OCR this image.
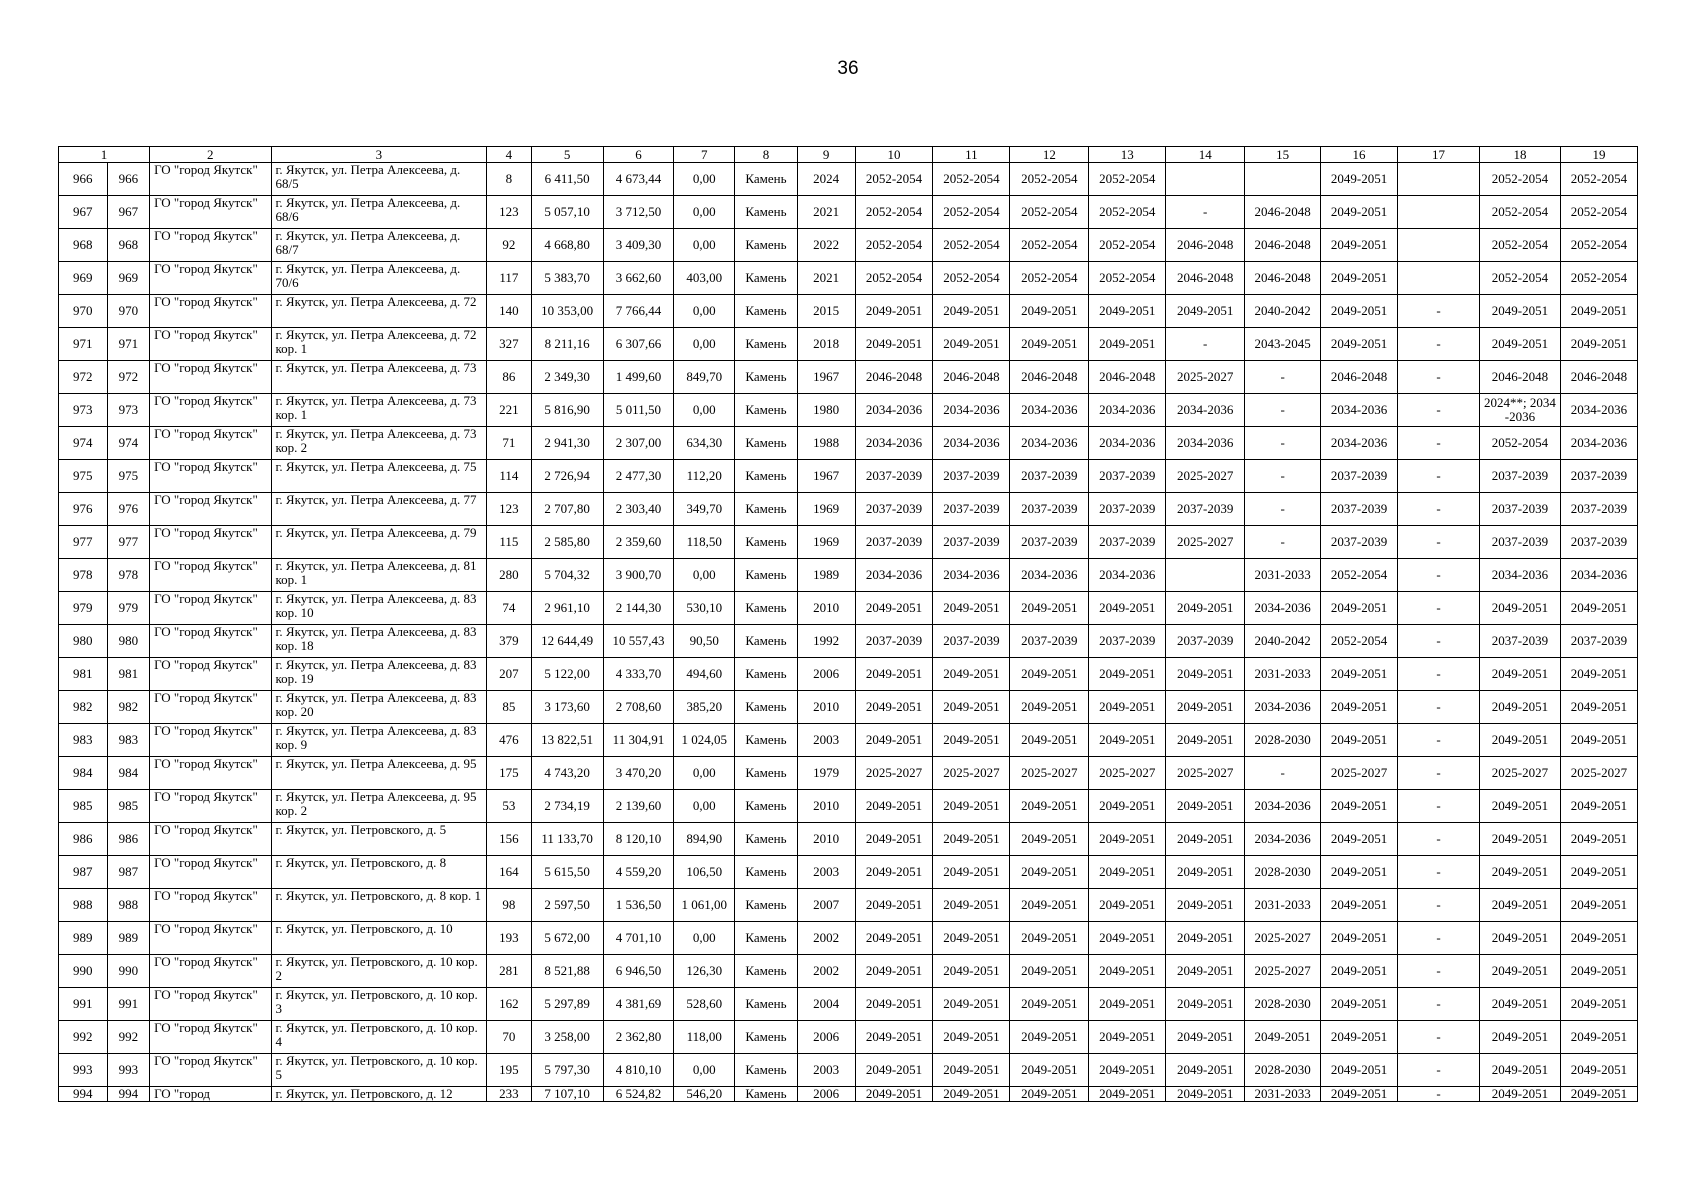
36
1		2	3	4	5	6	7	8	9	10	11	12	13	14	15	16	17	18	19
966	966	ГО "город Якутск"	г. Якутск, ул. Петра Алексеева, д. 68/5	8	6 411,50	4 673,44	0,00	Камень	2024	2052-2054	2052-2054	2052-2054	2052-2054			2049-2051		2052-2054	2052-2054
967	967	ГО "город Якутск"	г. Якутск, ул. Петра Алексеева, д. 68/6	123	5 057,10	3 712,50	0,00	Камень	2021	2052-2054	2052-2054	2052-2054	2052-2054	-	2046-2048	2049-2051		2052-2054	2052-2054
968	968	ГО "город Якутск"	г. Якутск, ул. Петра Алексеева, д. 68/7	92	4 668,80	3 409,30	0,00	Камень	2022	2052-2054	2052-2054	2052-2054	2052-2054	2046-2048	2046-2048	2049-2051		2052-2054	2052-2054
969	969	ГО "город Якутск"	г. Якутск, ул. Петра Алексеева, д. 70/6	117	5 383,70	3 662,60	403,00	Камень	2021	2052-2054	2052-2054	2052-2054	2052-2054	2046-2048	2046-2048	2049-2051		2052-2054	2052-2054
970	970	ГО "город Якутск"	г. Якутск, ул. Петра Алексеева, д. 72	140	10 353,00	7 766,44	0,00	Камень	2015	2049-2051	2049-2051	2049-2051	2049-2051	2049-2051	2040-2042	2049-2051	-	2049-2051	2049-2051
971	971	ГО "город Якутск"	г. Якутск, ул. Петра Алексеева, д. 72 кор. 1	327	8 211,16	6 307,66	0,00	Камень	2018	2049-2051	2049-2051	2049-2051	2049-2051	-	2043-2045	2049-2051	-	2049-2051	2049-2051
972	972	ГО "город Якутск"	г. Якутск, ул. Петра Алексеева, д. 73	86	2 349,30	1 499,60	849,70	Камень	1967	2046-2048	2046-2048	2046-2048	2046-2048	2025-2027	-	2046-2048	-	2046-2048	2046-2048
973	973	ГО "город Якутск"	г. Якутск, ул. Петра Алексеева, д. 73 кор. 1	221	5 816,90	5 011,50	0,00	Камень	1980	2034-2036	2034-2036	2034-2036	2034-2036	2034-2036	-	2034-2036	-	2024**; 2034-2036	2034-2036
974	974	ГО "город Якутск"	г. Якутск, ул. Петра Алексеева, д. 73 кор. 2	71	2 941,30	2 307,00	634,30	Камень	1988	2034-2036	2034-2036	2034-2036	2034-2036	2034-2036	-	2034-2036	-	2052-2054	2034-2036
975	975	ГО "город Якутск"	г. Якутск, ул. Петра Алексеева, д. 75	114	2 726,94	2 477,30	112,20	Камень	1967	2037-2039	2037-2039	2037-2039	2037-2039	2025-2027	-	2037-2039	-	2037-2039	2037-2039
976	976	ГО "город Якутск"	г. Якутск, ул. Петра Алексеева, д. 77	123	2 707,80	2 303,40	349,70	Камень	1969	2037-2039	2037-2039	2037-2039	2037-2039	2037-2039	-	2037-2039	-	2037-2039	2037-2039
977	977	ГО "город Якутск"	г. Якутск, ул. Петра Алексеева, д. 79	115	2 585,80	2 359,60	118,50	Камень	1969	2037-2039	2037-2039	2037-2039	2037-2039	2025-2027	-	2037-2039	-	2037-2039	2037-2039
978	978	ГО "город Якутск"	г. Якутск, ул. Петра Алексеева, д. 81 кор. 1	280	5 704,32	3 900,70	0,00	Камень	1989	2034-2036	2034-2036	2034-2036	2034-2036		2031-2033	2052-2054	-	2034-2036	2034-2036
979	979	ГО "город Якутск"	г. Якутск, ул. Петра Алексеева, д. 83 кор. 10	74	2 961,10	2 144,30	530,10	Камень	2010	2049-2051	2049-2051	2049-2051	2049-2051	2049-2051	2034-2036	2049-2051	-	2049-2051	2049-2051
980	980	ГО "город Якутск"	г. Якутск, ул. Петра Алексеева, д. 83 кор. 18	379	12 644,49	10 557,43	90,50	Камень	1992	2037-2039	2037-2039	2037-2039	2037-2039	2037-2039	2040-2042	2052-2054	-	2037-2039	2037-2039
981	981	ГО "город Якутск"	г. Якутск, ул. Петра Алексеева, д. 83 кор. 19	207	5 122,00	4 333,70	494,60	Камень	2006	2049-2051	2049-2051	2049-2051	2049-2051	2049-2051	2031-2033	2049-2051	-	2049-2051	2049-2051
982	982	ГО "город Якутск"	г. Якутск, ул. Петра Алексеева, д. 83 кор. 20	85	3 173,60	2 708,60	385,20	Камень	2010	2049-2051	2049-2051	2049-2051	2049-2051	2049-2051	2034-2036	2049-2051	-	2049-2051	2049-2051
983	983	ГО "город Якутск"	г. Якутск, ул. Петра Алексеева, д. 83 кор. 9	476	13 822,51	11 304,91	1 024,05	Камень	2003	2049-2051	2049-2051	2049-2051	2049-2051	2049-2051	2028-2030	2049-2051	-	2049-2051	2049-2051
984	984	ГО "город Якутск"	г. Якутск, ул. Петра Алексеева, д. 95	175	4 743,20	3 470,20	0,00	Камень	1979	2025-2027	2025-2027	2025-2027	2025-2027	2025-2027	-	2025-2027	-	2025-2027	2025-2027
985	985	ГО "город Якутск"	г. Якутск, ул. Петра Алексеева, д. 95 кор. 2	53	2 734,19	2 139,60	0,00	Камень	2010	2049-2051	2049-2051	2049-2051	2049-2051	2049-2051	2034-2036	2049-2051	-	2049-2051	2049-2051
986	986	ГО "город Якутск"	г. Якутск, ул. Петровского, д. 5	156	11 133,70	8 120,10	894,90	Камень	2010	2049-2051	2049-2051	2049-2051	2049-2051	2049-2051	2034-2036	2049-2051	-	2049-2051	2049-2051
987	987	ГО "город Якутск"	г. Якутск, ул. Петровского, д. 8	164	5 615,50	4 559,20	106,50	Камень	2003	2049-2051	2049-2051	2049-2051	2049-2051	2049-2051	2028-2030	2049-2051	-	2049-2051	2049-2051
988	988	ГО "город Якутск"	г. Якутск, ул. Петровского, д. 8 кор. 1	98	2 597,50	1 536,50	1 061,00	Камень	2007	2049-2051	2049-2051	2049-2051	2049-2051	2049-2051	2031-2033	2049-2051	-	2049-2051	2049-2051
989	989	ГО "город Якутск"	г. Якутск, ул. Петровского, д. 10	193	5 672,00	4 701,10	0,00	Камень	2002	2049-2051	2049-2051	2049-2051	2049-2051	2049-2051	2025-2027	2049-2051	-	2049-2051	2049-2051
990	990	ГО "город Якутск"	г. Якутск, ул. Петровского, д. 10 кор. 2	281	8 521,88	6 946,50	126,30	Камень	2002	2049-2051	2049-2051	2049-2051	2049-2051	2049-2051	2025-2027	2049-2051	-	2049-2051	2049-2051
991	991	ГО "город Якутск"	г. Якутск, ул. Петровского, д. 10 кор. 3	162	5 297,89	4 381,69	528,60	Камень	2004	2049-2051	2049-2051	2049-2051	2049-2051	2049-2051	2028-2030	2049-2051	-	2049-2051	2049-2051
992	992	ГО "город Якутск"	г. Якутск, ул. Петровского, д. 10 кор. 4	70	3 258,00	2 362,80	118,00	Камень	2006	2049-2051	2049-2051	2049-2051	2049-2051	2049-2051	2049-2051	2049-2051	-	2049-2051	2049-2051
993	993	ГО "город Якутск"	г. Якутск, ул. Петровского, д. 10 кор. 5	195	5 797,30	4 810,10	0,00	Камень	2003	2049-2051	2049-2051	2049-2051	2049-2051	2049-2051	2028-2030	2049-2051	-	2049-2051	2049-2051
994	994	ГО "город	г. Якутск, ул. Петровского, д. 12	233	7 107,10	6 524,82	546,20	Камень	2006	2049-2051	2049-2051	2049-2051	2049-2051	2049-2051	2031-2033	2049-2051	-	2049-2051	2049-2051
